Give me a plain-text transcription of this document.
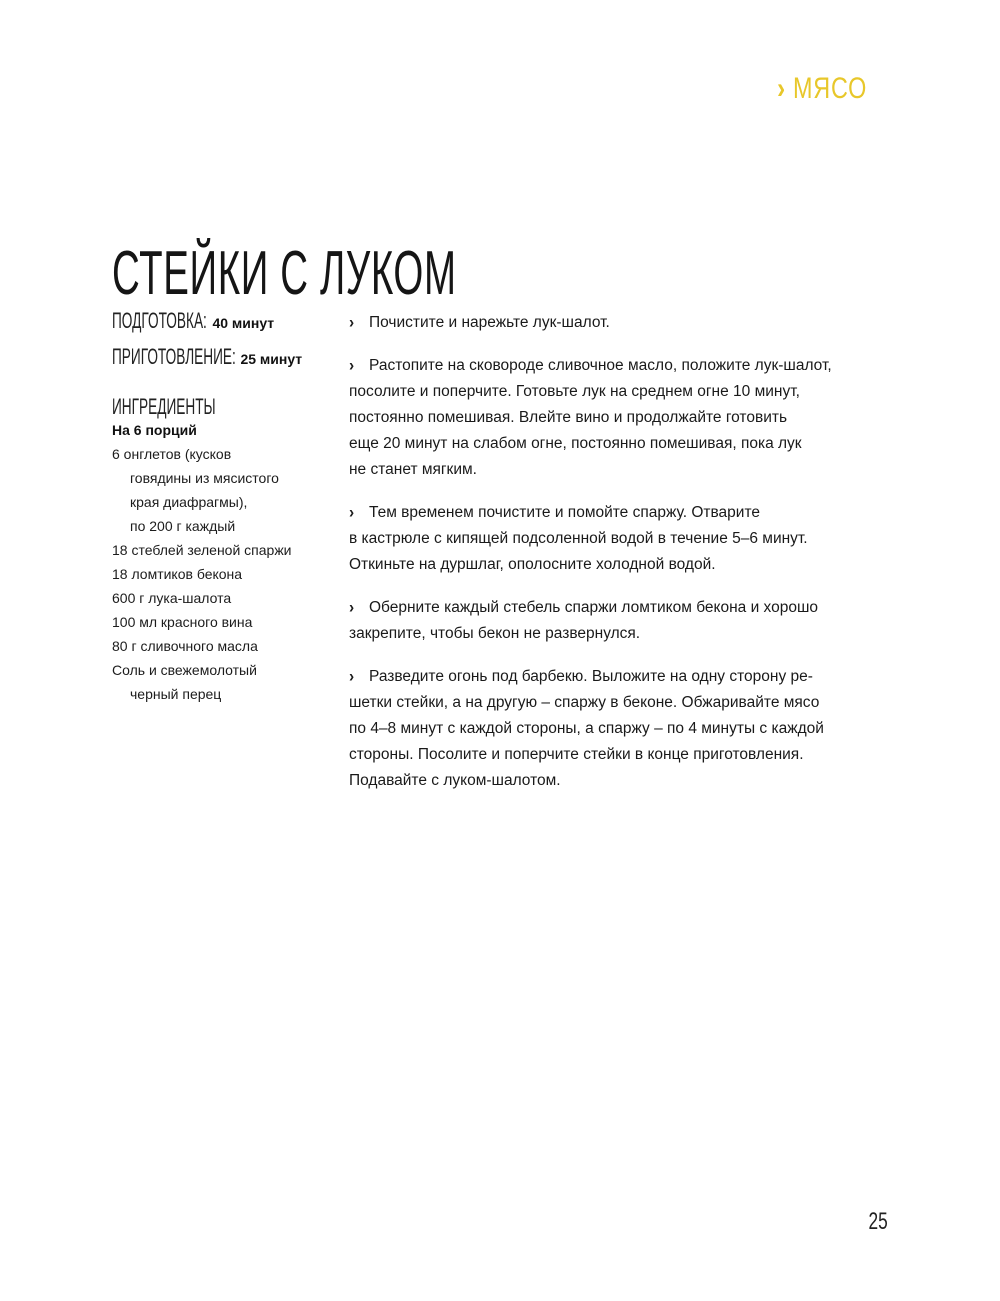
› МЯСО
СТЕЙКИ С ЛУКОМ
ПОДГОТОВКА: 40 минут
ПРИГОТОВЛЕНИЕ: 25 минут
ИНГРЕДИЕНТЫ
На 6 порций
6 онглетов (кусков
говядины из мясистого
края диафрагмы),
по 200 г каждый
18 стеблей зеленой спаржи
18 ломтиков бекона
600 г лука-шалота
100 мл красного вина
80 г сливочного масла
Соль и свежемолотый
черный перец

› Почистите и нарежьте лук-шалот.

› Растопите на сковороде сливочное масло, положите лук-шалот,
посолите и поперчите. Готовьте лук на среднем огне 10 минут,
постоянно помешивая. Влейте вино и продолжайте готовить
еще 20 минут на слабом огне, постоянно помешивая, пока лук
не станет мягким.

› Тем временем почистите и помойте спаржу. Отварите
в кастрюле с кипящей подсоленной водой в течение 5–6 минут.
Откиньте на дуршлаг, ополосните холодной водой.

› Оберните каждый стебель спаржи ломтиком бекона и хорошо
закрепите, чтобы бекон не развернулся.

› Разведите огонь под барбекю. Выложите на одну сторону ре-
шетки стейки, а на другую – спаржу в беконе. Обжаривайте мясо
по 4–8 минут с каждой стороны, а спаржу – по 4 минуты с каждой
стороны. Посолите и поперчите стейки в конце приготовления.
Подавайте с луком-шалотом.

25
